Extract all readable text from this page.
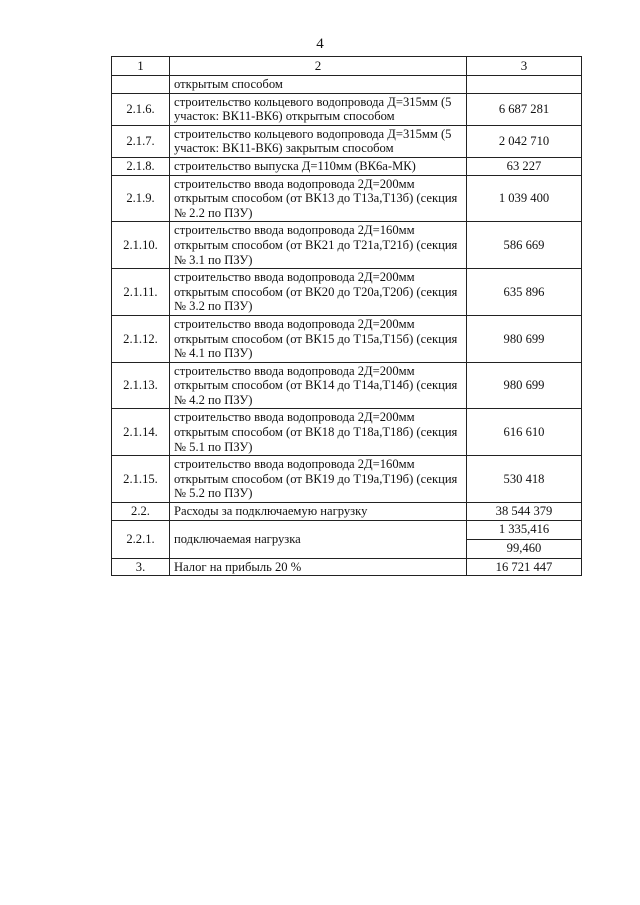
4
1	2	3
	открытым способом	
2.1.6.	строительство кольцевого водопровода Д=315мм (5 участок: ВК11-ВК6) открытым способом	6 687 281
2.1.7.	строительство кольцевого водопровода Д=315мм (5 участок: ВК11-ВК6) закрытым способом	2 042 710
2.1.8.	строительство выпуска Д=110мм (ВК6а-МК)	63 227
2.1.9.	строительство ввода водопровода 2Д=200мм открытым способом (от ВК13 до Т13а,Т13б) (секция № 2.2 по ПЗУ)	1 039 400
2.1.10.	строительство ввода водопровода 2Д=160мм открытым способом (от ВК21 до Т21а,Т21б) (секция № 3.1 по ПЗУ)	586 669
2.1.11.	строительство ввода водопровода 2Д=200мм открытым способом (от ВК20 до Т20а,Т20б) (секция № 3.2 по ПЗУ)	635 896
2.1.12.	строительство ввода водопровода 2Д=200мм открытым способом (от ВК15 до Т15а,Т15б) (секция № 4.1 по ПЗУ)	980 699
2.1.13.	строительство ввода водопровода 2Д=200мм открытым способом (от ВК14 до Т14а,Т14б) (секция № 4.2 по ПЗУ)	980 699
2.1.14.	строительство ввода водопровода 2Д=200мм открытым способом (от ВК18 до Т18а,Т18б) (секция № 5.1 по ПЗУ)	616 610
2.1.15.	строительство ввода водопровода 2Д=160мм открытым способом (от ВК19 до Т19а,Т19б) (секция № 5.2 по ПЗУ)	530 418
2.2.	Расходы за подключаемую нагрузку	38 544 379
2.2.1.	подключаемая нагрузка	1 335,416
		99,460
3.	Налог на прибыль 20 %	16 721 447
